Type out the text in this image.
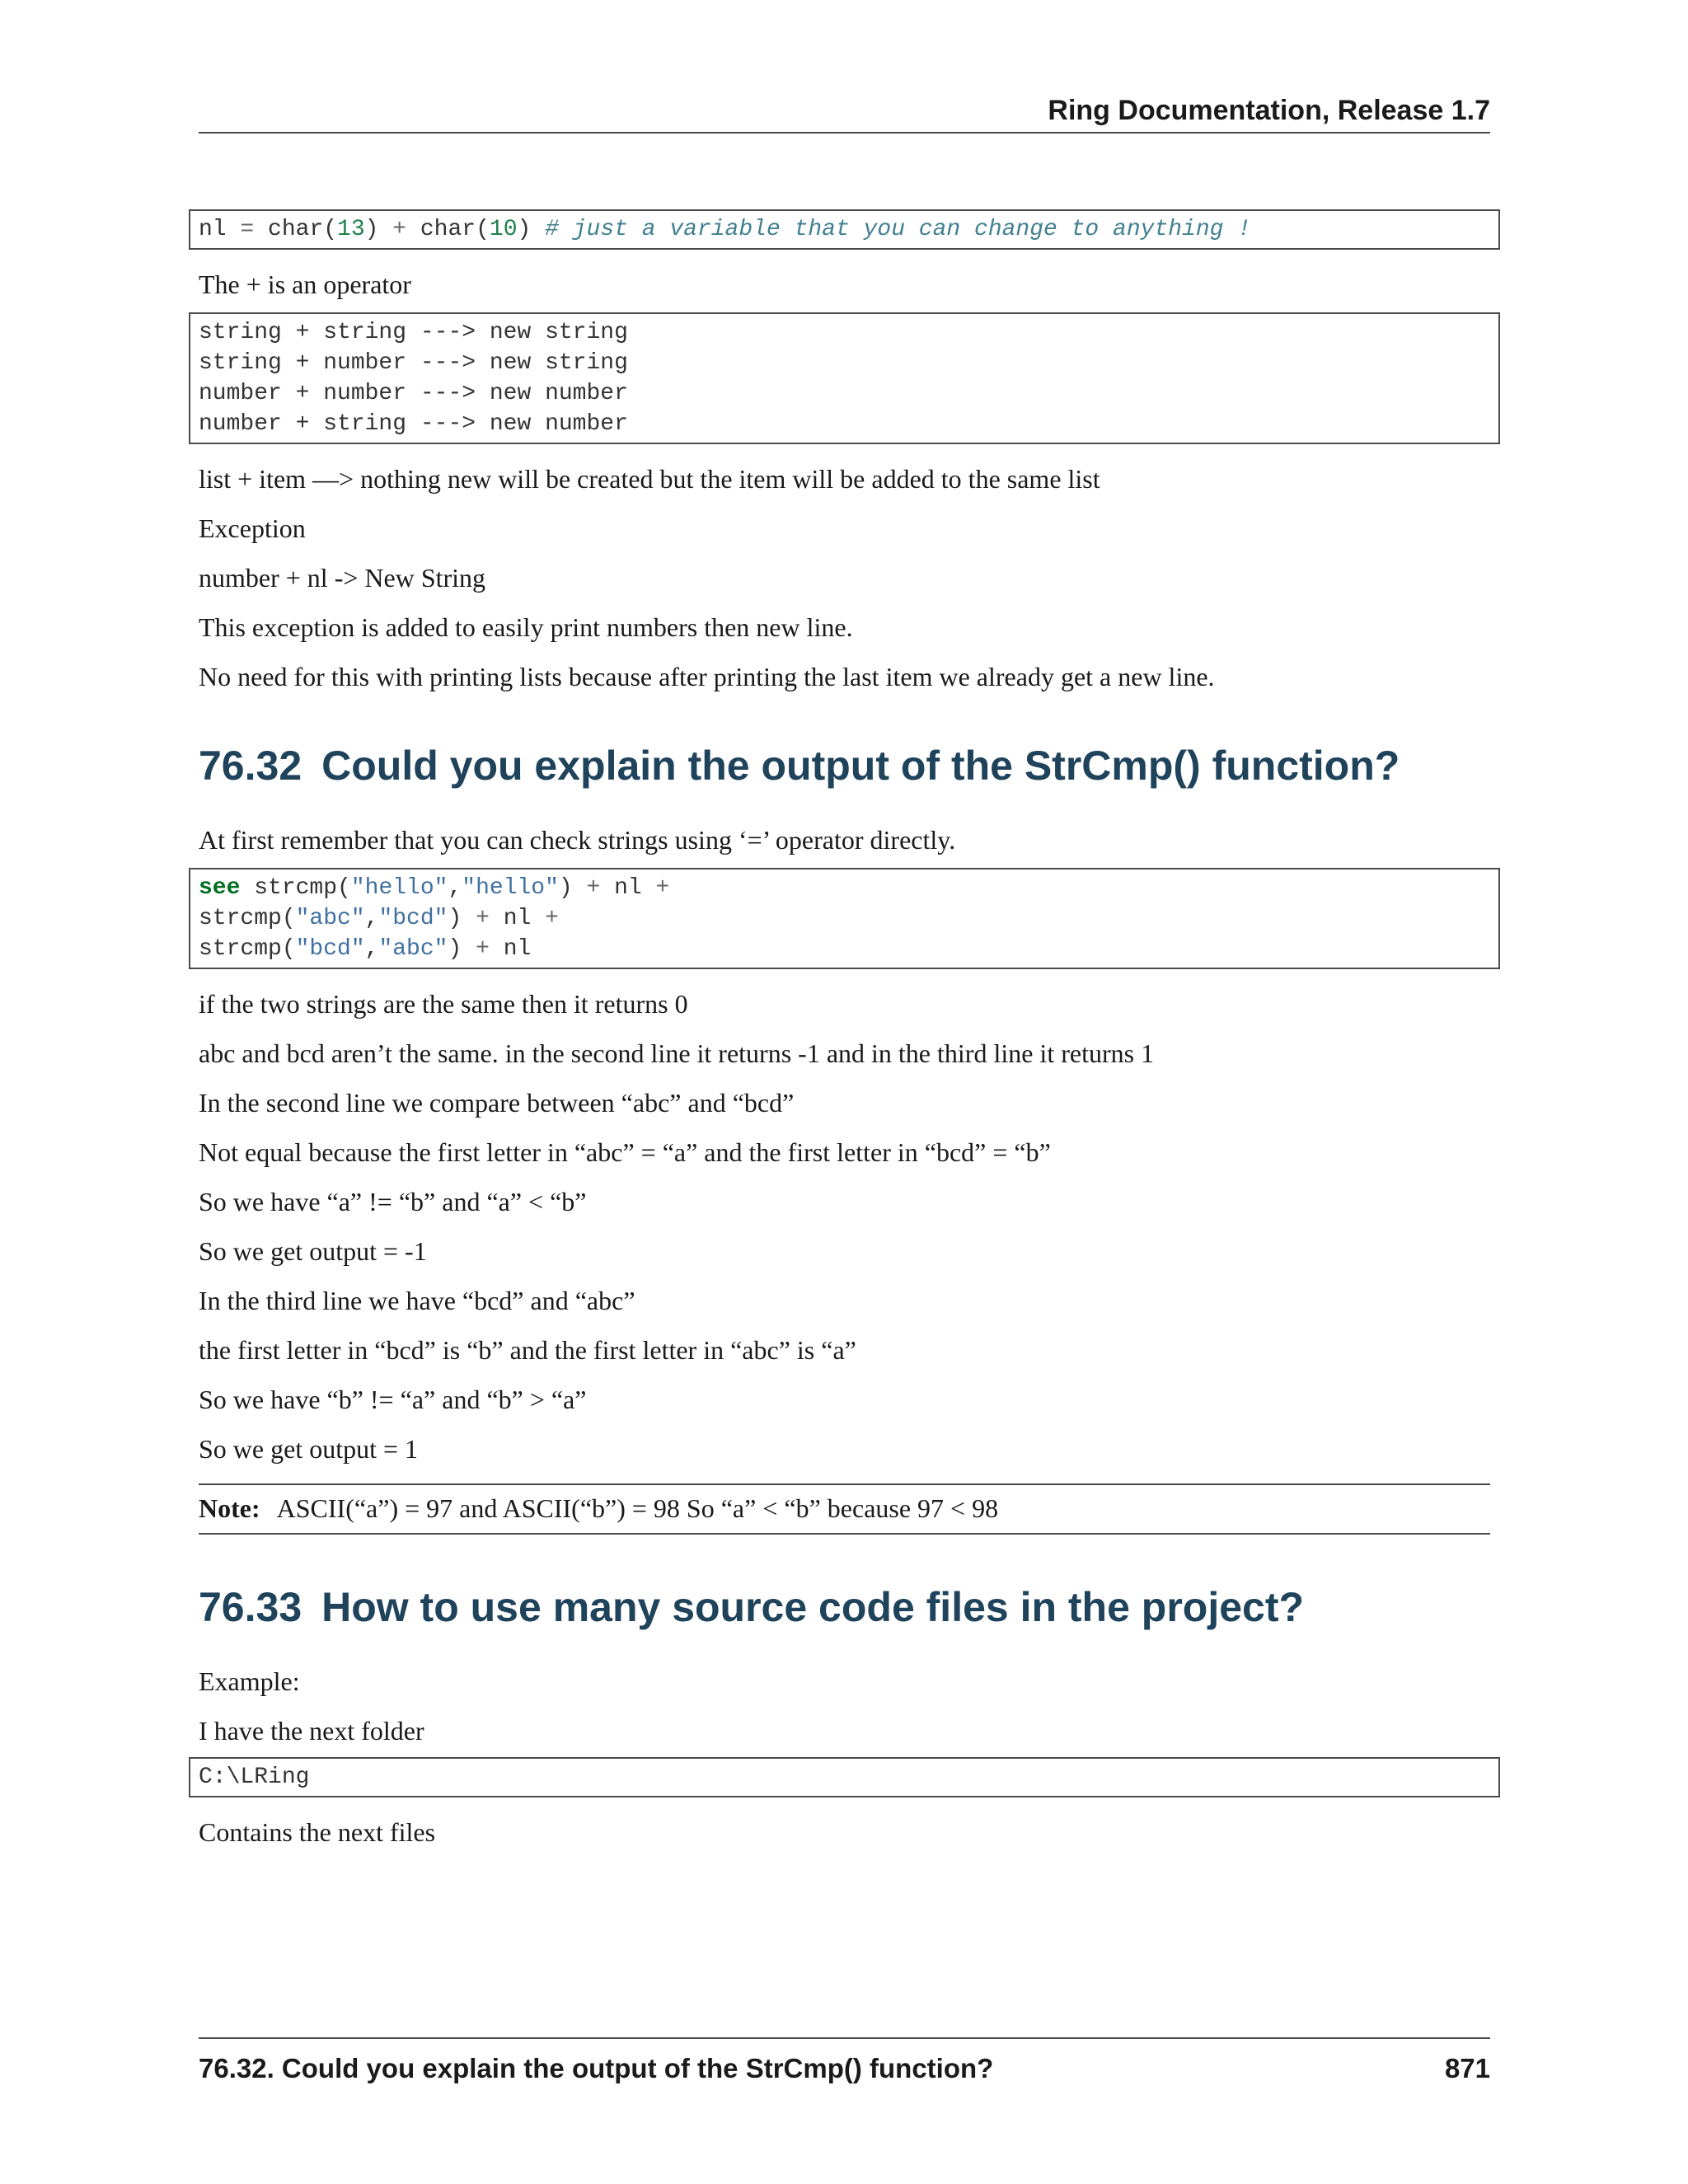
Ring Documentation, Release 1.7
nl = char(13) + char(10) # just a variable that you can change to anything !

The + is an operator

string + string ---> new string
string + number ---> new string
number + number ---> new number
number + string ---> new number

list + item —> nothing new will be created but the item will be added to the same list

Exception

number + nl -> New String

This exception is added to easily print numbers then new line.

No need for this with printing lists because after printing the last item we already get a new line.

76.32 Could you explain the output of the StrCmp() function?

At first remember that you can check strings using ‘=’ operator directly.

see strcmp("hello","hello") + nl +
strcmp("abc","bcd") + nl +
strcmp("bcd","abc") + nl

if the two strings are the same then it returns 0

abc and bcd aren’t the same. in the second line it returns -1 and in the third line it returns 1

In the second line we compare between “abc” and “bcd”

Not equal because the first letter in “abc” = “a” and the first letter in “bcd” = “b”

So we have “a” != “b” and “a” < “b”

So we get output = -1

In the third line we have “bcd” and “abc”

the first letter in “bcd” is “b” and the first letter in “abc” is “a”

So we have “b” != “a” and “b” > “a”

So we get output = 1

Note: ASCII(“a”) = 97 and ASCII(“b”) = 98 So “a” < “b” because 97 < 98
76.33 How to use many source code files in the project?

Example:

I have the next folder

C:\LRing

Contains the next files

76.32. Could you explain the output of the StrCmp() function?	871
